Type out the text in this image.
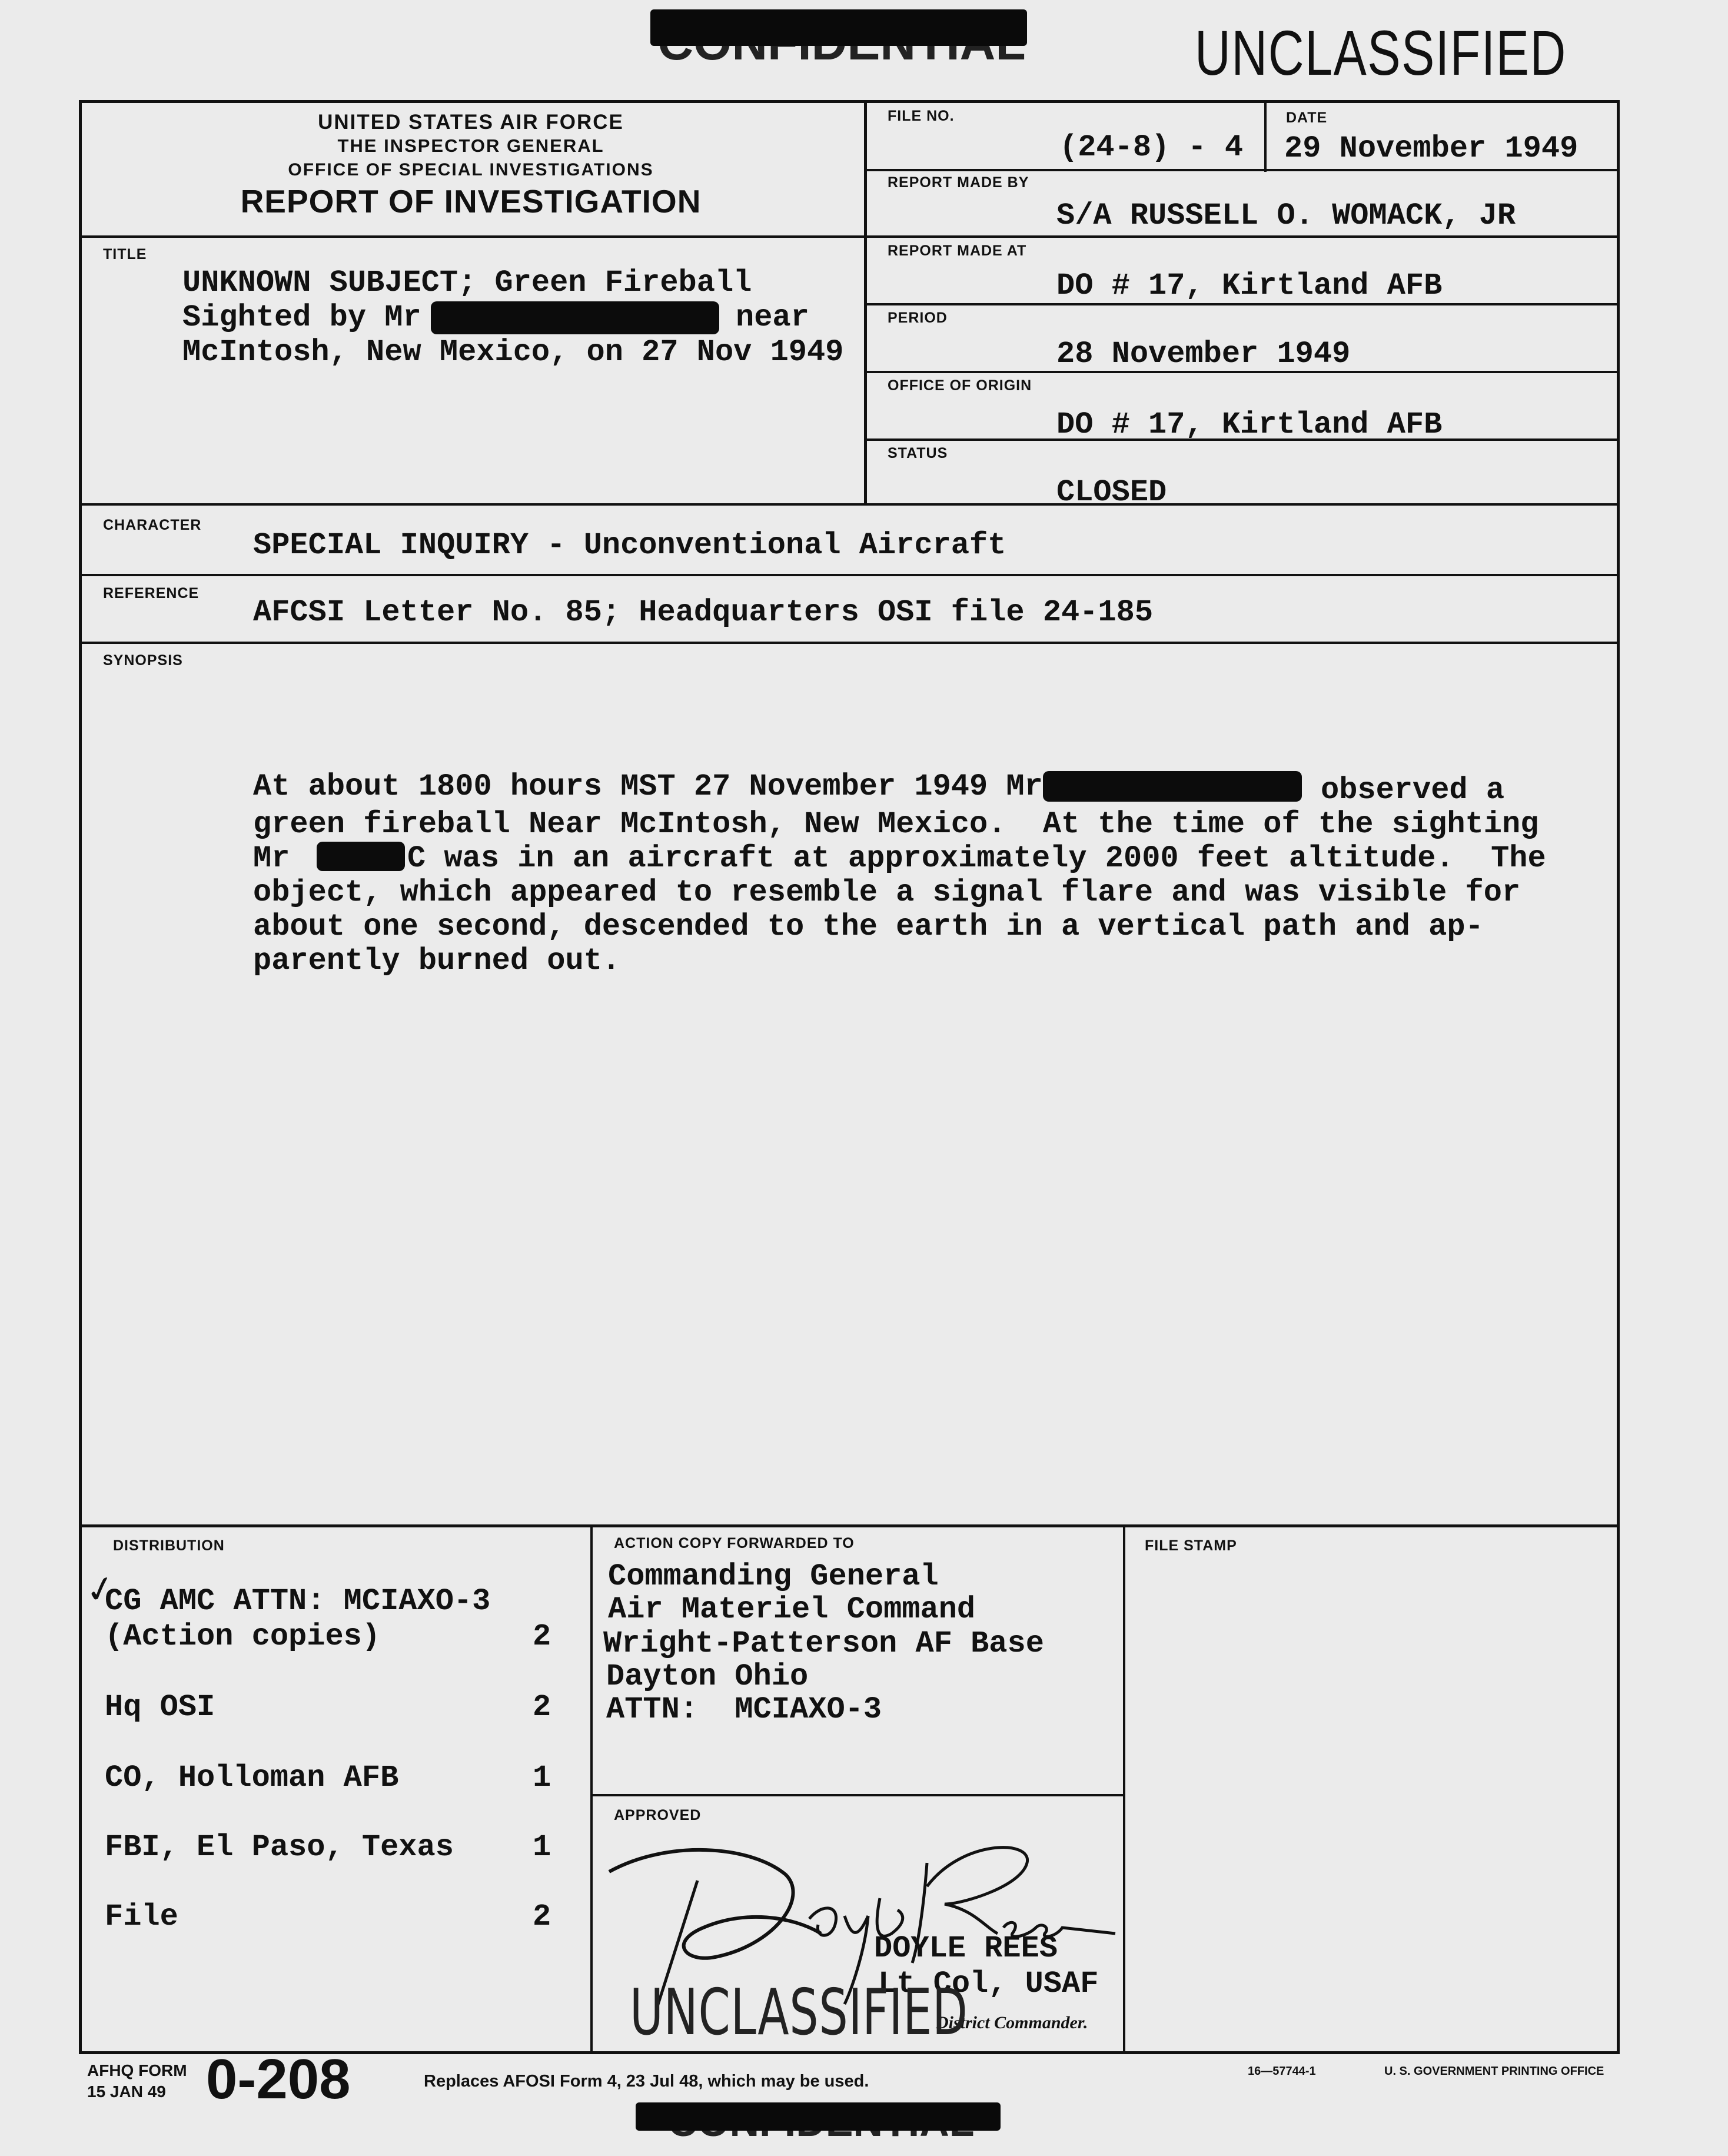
UNCLASSIFIED
UNITED STATES AIR FORCE
THE INSPECTOR GENERAL
OFFICE OF SPECIAL INVESTIGATIONS
REPORT OF INVESTIGATION
FILE NO.
(24-8) - 4
DATE
29 November 1949
REPORT MADE BY
S/A RUSSELL O. WOMACK, JR
REPORT MADE AT
DO # 17, Kirtland AFB
PERIOD
28 November 1949
OFFICE OF ORIGIN
DO # 17, Kirtland AFB
STATUS
CLOSED
TITLE
UNKNOWN SUBJECT; Green Fireball
Sighted by Mr	near
McIntosh, New Mexico, on 27 Nov 1949
CHARACTER
SPECIAL INQUIRY - Unconventional Aircraft
REFERENCE
AFCSI Letter No. 85; Headquarters OSI file 24-185
SYNOPSIS
At about 1800 hours MST 27 November 1949 Mr	observed a
green fireball Near McIntosh, New Mexico.  At the time of the sighting
Mr	C was in an aircraft at approximately 2000 feet altitude.  The
object, which appeared to resemble a signal flare and was visible for
about one second, descended to the earth in a vertical path and ap-
parently burned out.
DISTRIBUTION
✓
CG AMC ATTN: MCIAXO-3
(Action copies)	2
Hq OSI	2
CO, Holloman AFB	1
FBI, El Paso, Texas	1
File	2
ACTION COPY FORWARDED TO
Commanding General
Air Materiel Command
Wright-Patterson AF Base
Dayton Ohio
ATTN:  MCIAXO-3
APPROVED
DOYLE REES
Lt Col, USAF
District Commander.
FILE STAMP
UNCLASSIFIED
AFHQ FORM
15 JAN 49 0-208	Replaces AFOSI Form 4, 23 Jul 48, which may be used.
16—57744-1	U. S. GOVERNMENT PRINTING OFFICE
